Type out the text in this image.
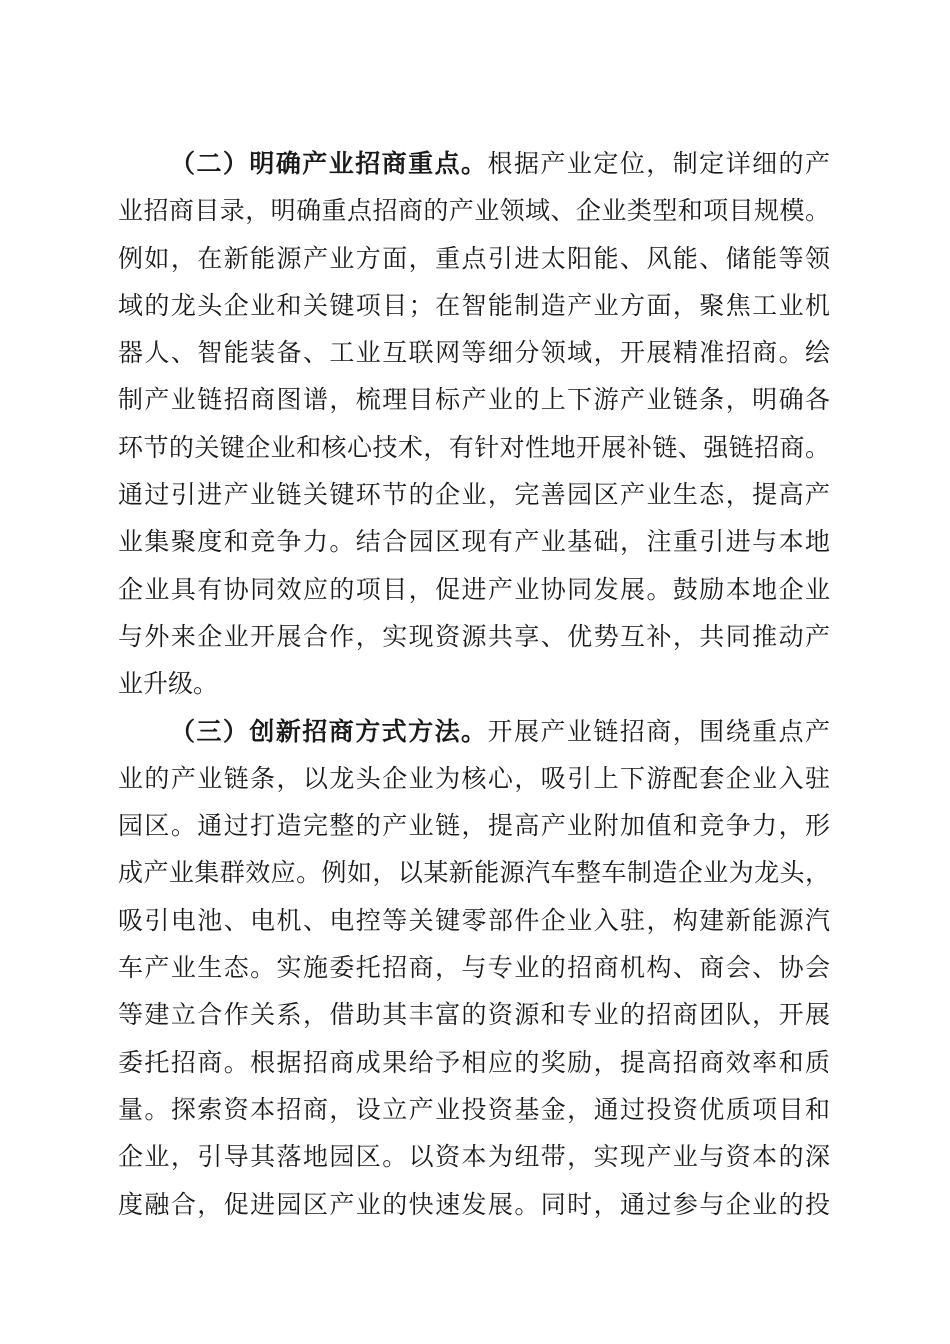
（二）明确产业招商重点。根据产业定位，制定详细的产
业招商目录，明确重点招商的产业领域、企业类型和项目规模。
例如，在新能源产业方面，重点引进太阳能、风能、储能等领
域的龙头企业和关键项目；在智能制造产业方面，聚焦工业机
器人、智能装备、工业互联网等细分领域，开展精准招商。绘
制产业链招商图谱，梳理目标产业的上下游产业链条，明确各
环节的关键企业和核心技术，有针对性地开展补链、强链招商。
通过引进产业链关键环节的企业，完善园区产业生态，提高产
业集聚度和竞争力。结合园区现有产业基础，注重引进与本地
企业具有协同效应的项目，促进产业协同发展。鼓励本地企业
与外来企业开展合作，实现资源共享、优势互补，共同推动产
业升级。
（三）创新招商方式方法。开展产业链招商，围绕重点产
业的产业链条，以龙头企业为核心，吸引上下游配套企业入驻
园区。通过打造完整的产业链，提高产业附加值和竞争力，形
成产业集群效应。例如，以某新能源汽车整车制造企业为龙头，
吸引电池、电机、电控等关键零部件企业入驻，构建新能源汽
车产业生态。实施委托招商，与专业的招商机构、商会、协会
等建立合作关系，借助其丰富的资源和专业的招商团队，开展
委托招商。根据招商成果给予相应的奖励，提高招商效率和质
量。探索资本招商，设立产业投资基金，通过投资优质项目和
企业，引导其落地园区。以资本为纽带，实现产业与资本的深
度融合，促进园区产业的快速发展。同时，通过参与企业的投
